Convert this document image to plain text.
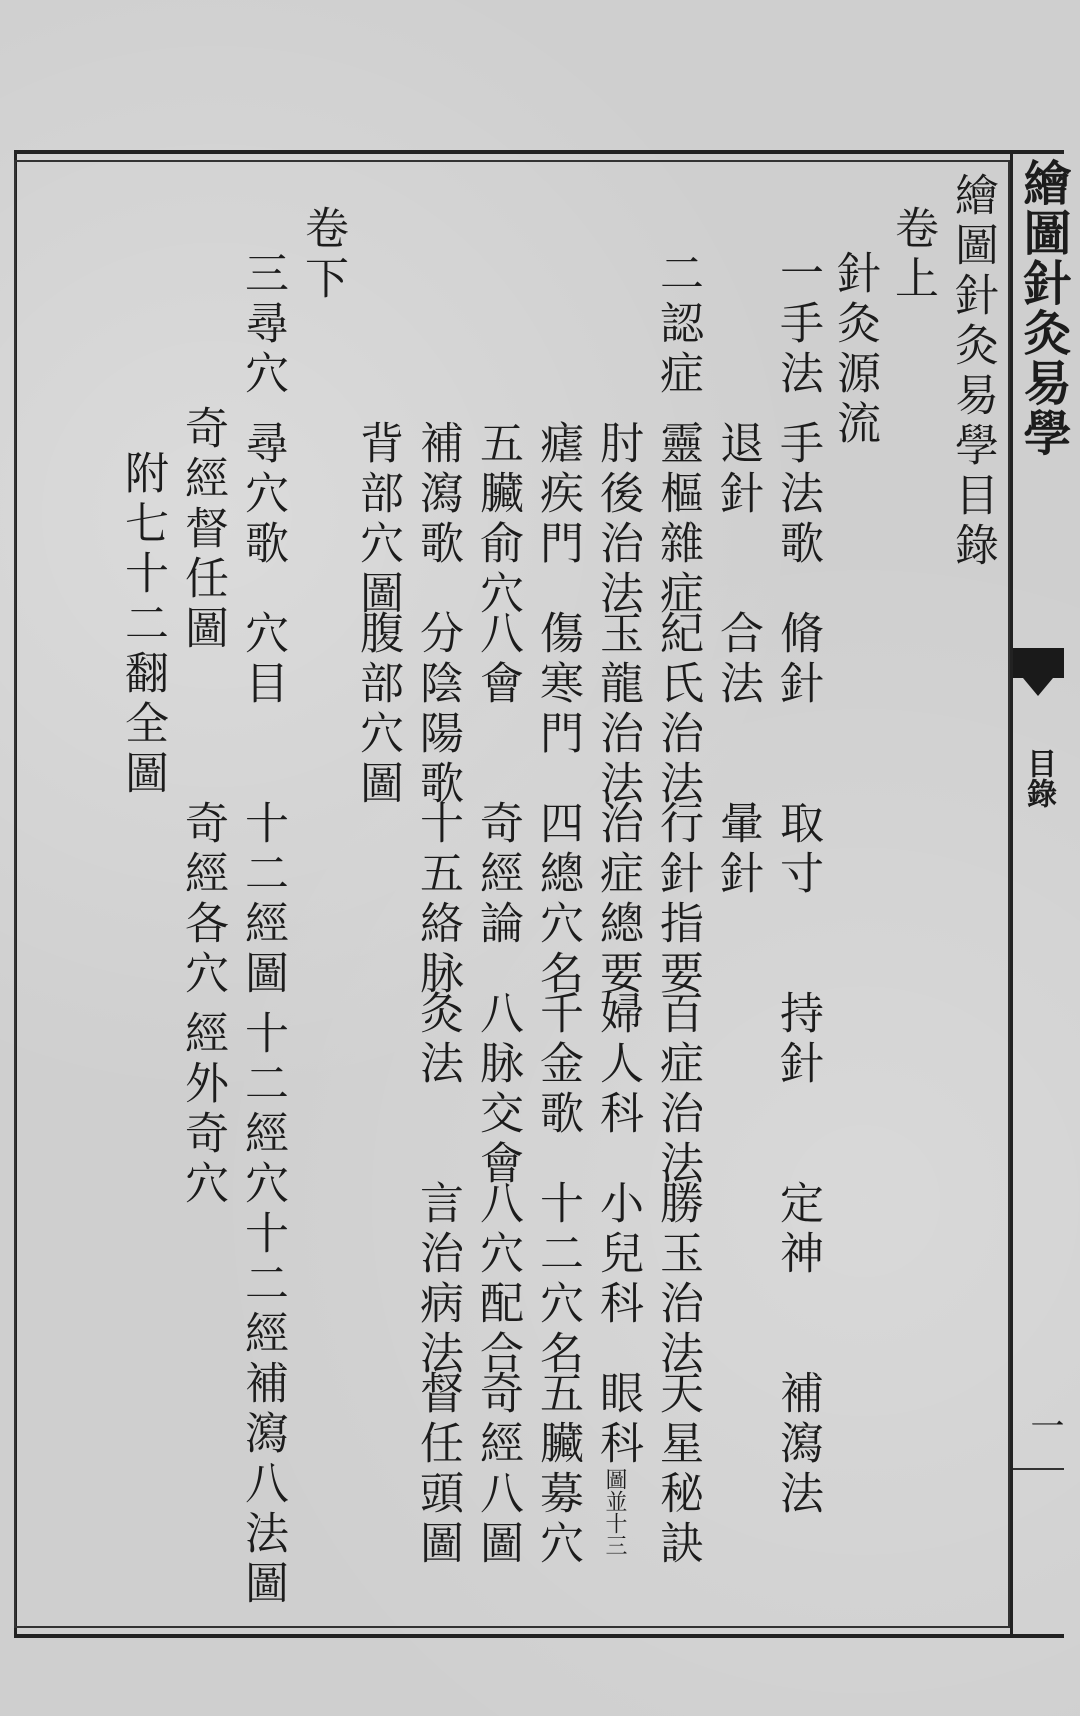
繪圖針灸易學
目錄
一
繪圖針灸易學目錄
卷上
針灸源流
一手法
手法歌
脩針
取寸
持針
定神
補瀉法
退針
合法
暈針
二認症
靈樞雜症
紀氏治法
行針指要
百症治法
勝玉治法
天星秘訣
肘後治法
玉龍治法
治症總要
婦人科
小兒科
眼科
圖並十三
瘧疾門
傷寒門
四總穴名
千金歌
十二穴名
五臟募穴
五臟俞穴
八會
奇經論
八脉交會
八穴配合
奇經八圖
補瀉歌
分陰陽歌
十五絡脉
灸法
言治病法
督任頭圖
背部穴圖
腹部穴圖
卷下
三尋穴
尋穴歌
穴目
十二經圖
十二經穴
十二經補瀉八法圖
奇經督任圖
奇經各穴
經外奇穴
附七十二翻全圖
